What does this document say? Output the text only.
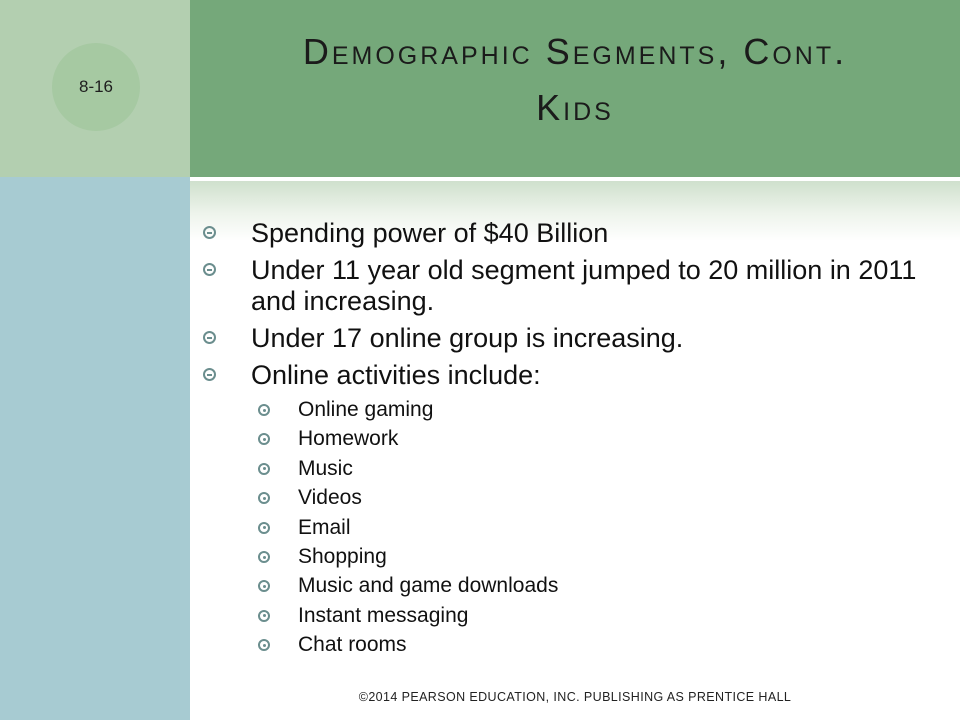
8-16
Demographic Segments, Cont.
Kids
Spending power of $40 Billion
Under 11 year old segment jumped to 20 million in 2011 and increasing.
Under 17 online group is increasing.
Online activities include:
Online gaming
Homework
Music
Videos
Email
Shopping
Music and game downloads
Instant messaging
Chat rooms
©2014 PEARSON EDUCATION, INC. PUBLISHING AS PRENTICE HALL
